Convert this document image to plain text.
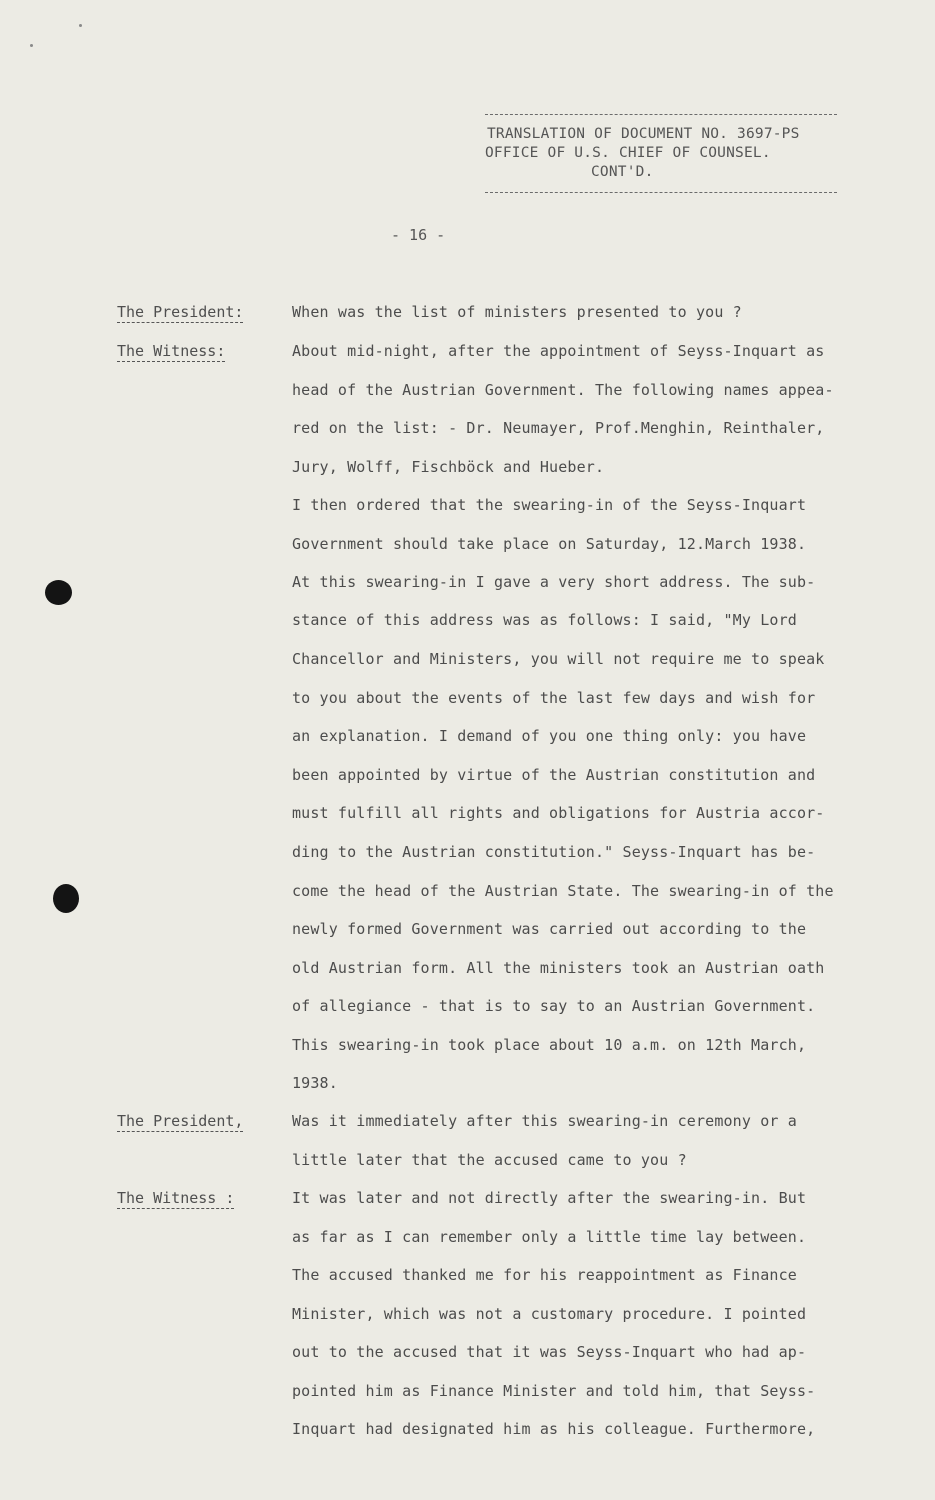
TRANSLATION OF DOCUMENT NO. 3697-PS
OFFICE OF U.S. CHIEF OF COUNSEL.
CONT'D.
- 16 -
The President:
The Witness:
The President,
The Witness :
When was the list of ministers presented to you ?
About mid-night, after the appointment of Seyss-Inquart as
head of the Austrian Government. The following names appea-
red on the list: - Dr. Neumayer, Prof.Menghin, Reinthaler,
Jury, Wolff, Fischböck and Hueber.
I then ordered that the swearing-in of the Seyss-Inquart
Government should take place on Saturday, 12.March 1938.
At this swearing-in I gave a very short address. The sub-
stance of this address was as follows: I said, "My Lord
Chancellor and Ministers, you will not require me to speak
to you about the events of the last few days and wish for
an explanation. I demand of you one thing only: you have
been appointed by virtue of the Austrian constitution and
must fulfill all rights and obligations for Austria accor-
ding to the Austrian constitution." Seyss-Inquart has be-
come the head of the Austrian State. The swearing-in of the
newly formed Government was carried out according to the
old Austrian form. All the ministers took an Austrian oath
of allegiance - that is to say to an Austrian Government.
This swearing-in took place about 10 a.m. on 12th March,
1938.
Was it immediately after this swearing-in ceremony or a
little later that the accused came to you ?
It was later and not directly after the swearing-in. But
as far as I can remember only a little time lay between.
The accused thanked me for his reappointment as Finance
Minister, which was not a customary procedure. I pointed
out to the accused that it was Seyss-Inquart who had ap-
pointed him as Finance Minister and told him, that Seyss-
Inquart had designated him as his colleague. Furthermore,
